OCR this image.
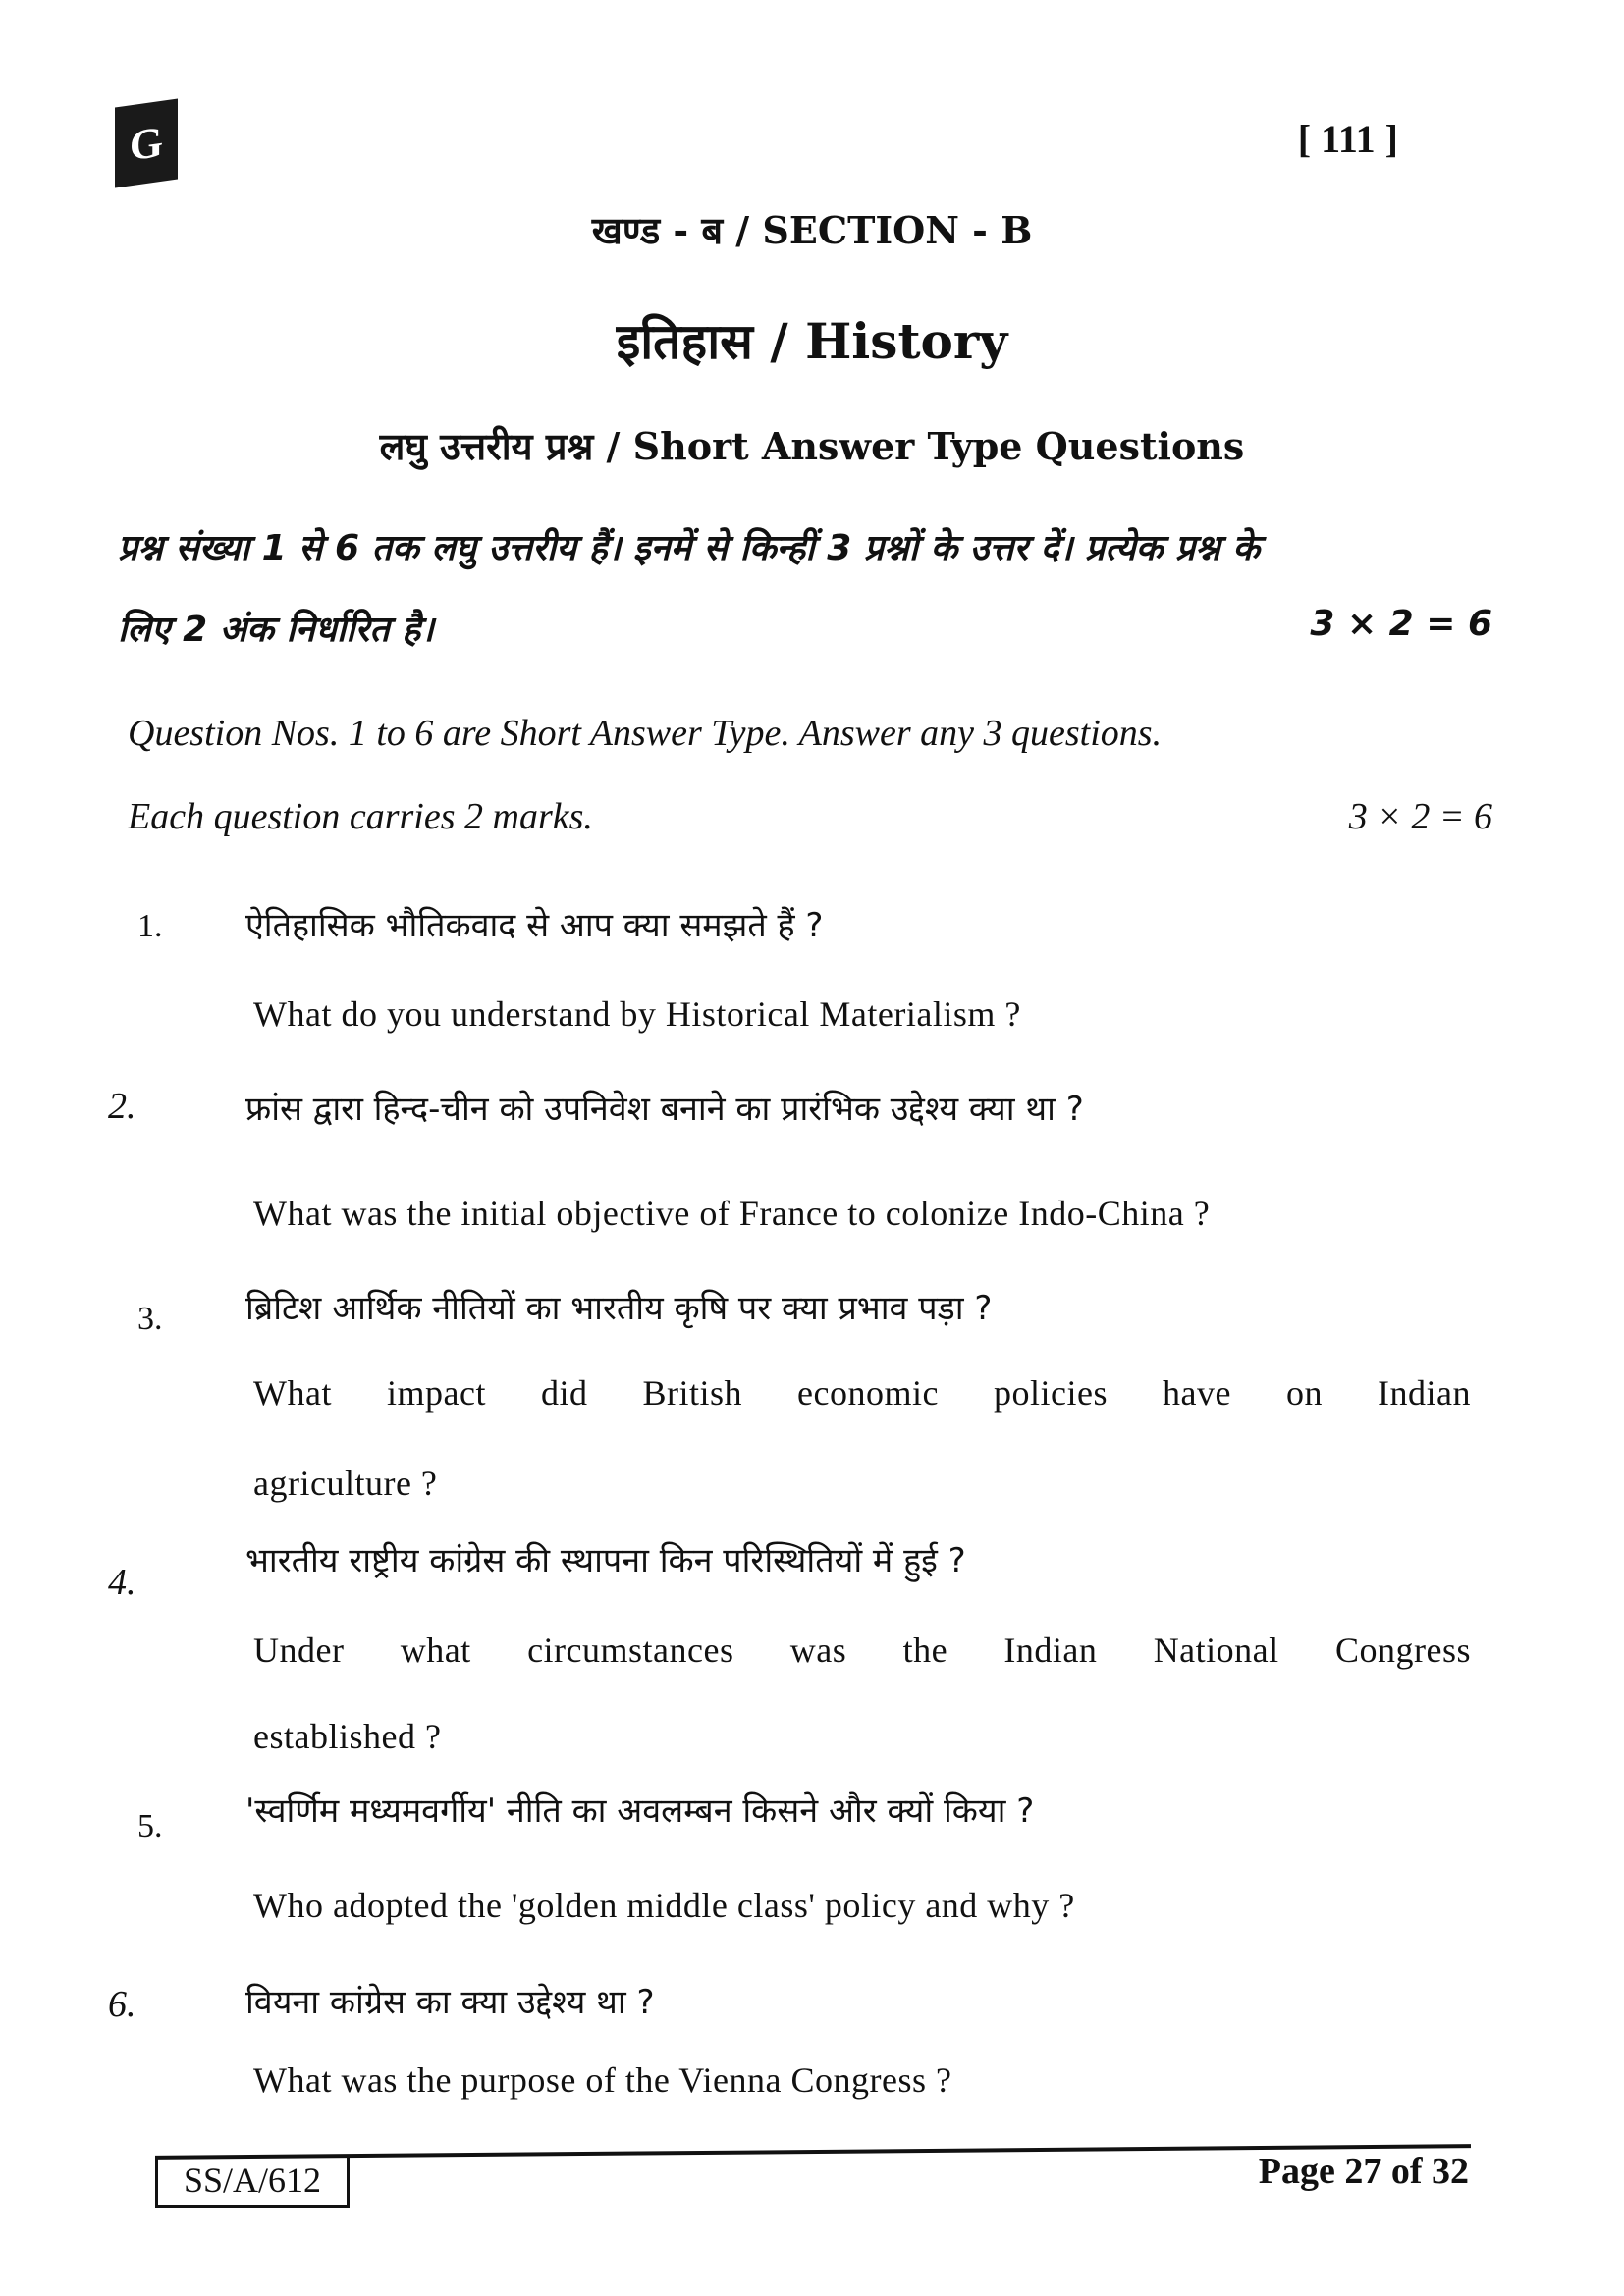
G	[ 111 ]
खण्ड - ब / SECTION - B
इतिहास / History
लघु उत्तरीय प्रश्न / Short Answer Type Questions
प्रश्न संख्या 1 से 6 तक लघु उत्तरीय हैं। इनमें से किन्हीं 3 प्रश्नों के उत्तर दें। प्रत्येक प्रश्न के
लिए 2 अंक निर्धारित है।	3 × 2 = 6
Question Nos. 1 to 6 are Short Answer Type. Answer any 3 questions.
Each question carries 2 marks.	3 × 2 = 6
1. ऐतिहासिक भौतिकवाद से आप क्या समझते हैं ?
What do you understand by Historical Materialism ?
2.	फ्रांस द्वारा हिन्द-चीन को उपनिवेश बनाने का प्रारंभिक उद्देश्य क्या था ?
What was the initial objective of France to colonize Indo-China ?
3. ब्रिटिश आर्थिक नीतियों का भारतीय कृषि पर क्या प्रभाव पड़ा ?
What impact did British economic policies have on Indian
agriculture ?
4.
भारतीय राष्ट्रीय कांग्रेस की स्थापना किन परिस्थितियों में हुई ?
Under what circumstances was the Indian National Congress
established ?
5. 'स्वर्णिम मध्यमवर्गीय' नीति का अवलम्बन किसने और क्यों किया ?
Who adopted the 'golden middle class' policy and why ?
6.	वियना कांग्रेस का क्या उद्देश्य था ?
What was the purpose of the Vienna Congress ?
SS/A/612	Page 27 of 32
